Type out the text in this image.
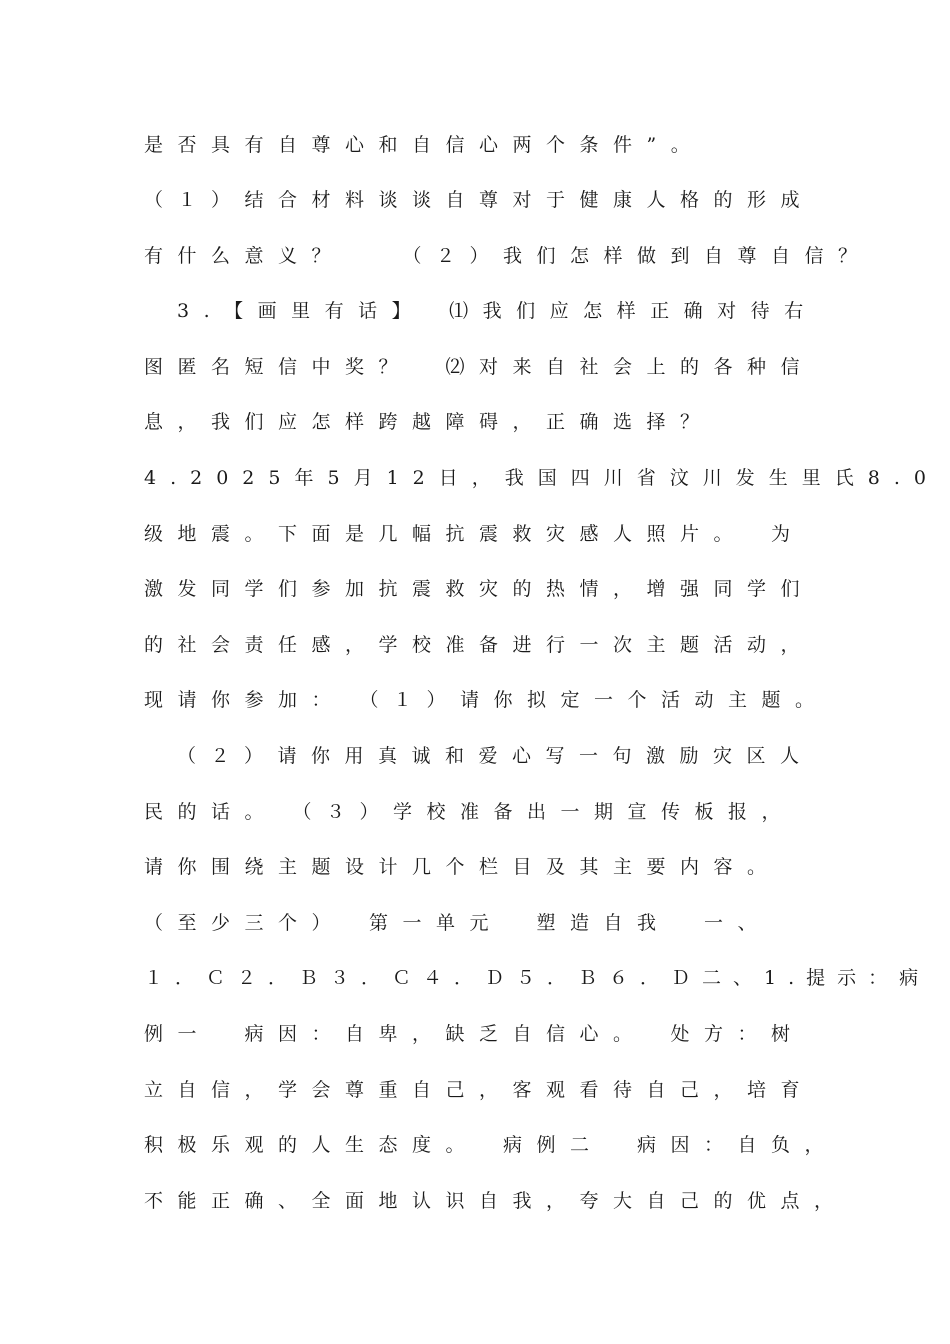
是否具有自尊心和自信心两个条件”。
（１）结合材料谈谈自尊对于健康人格的形成
有什么意义？　　（２）我们怎样做到自尊自信？
3.【画里有话】　⑴我们应怎样正确对待右
图匿名短信中奖？　⑵对来自社会上的各种信
息，我们应怎样跨越障碍，正确选择？
4.2025年5月12日，我国四川省汶川发生里氏8.0
级地震。下面是几幅抗震救灾感人照片。　为
激发同学们参加抗震救灾的热情，增强同学们
的社会责任感，学校准备进行一次主题活动，
现请你参加：　（１）请你拟定一个活动主题。
（２）请你用真诚和爱心写一句激励灾区人
民的话。　（３）学校准备出一期宣传板报，
请你围绕主题设计几个栏目及其主要内容。
（至少三个）　第一单元　塑造自我　一、
１．Ｃ２．Ｂ３．Ｃ４．Ｄ５．Ｂ６．Ｄ二、1.提示：病
例一　病因：自卑，缺乏自信心。　处方：树
立自信，学会尊重自己，客观看待自己，培育
积极乐观的人生态度。　病例二　病因：自负，
不能正确、全面地认识自我，夸大自己的优点，
